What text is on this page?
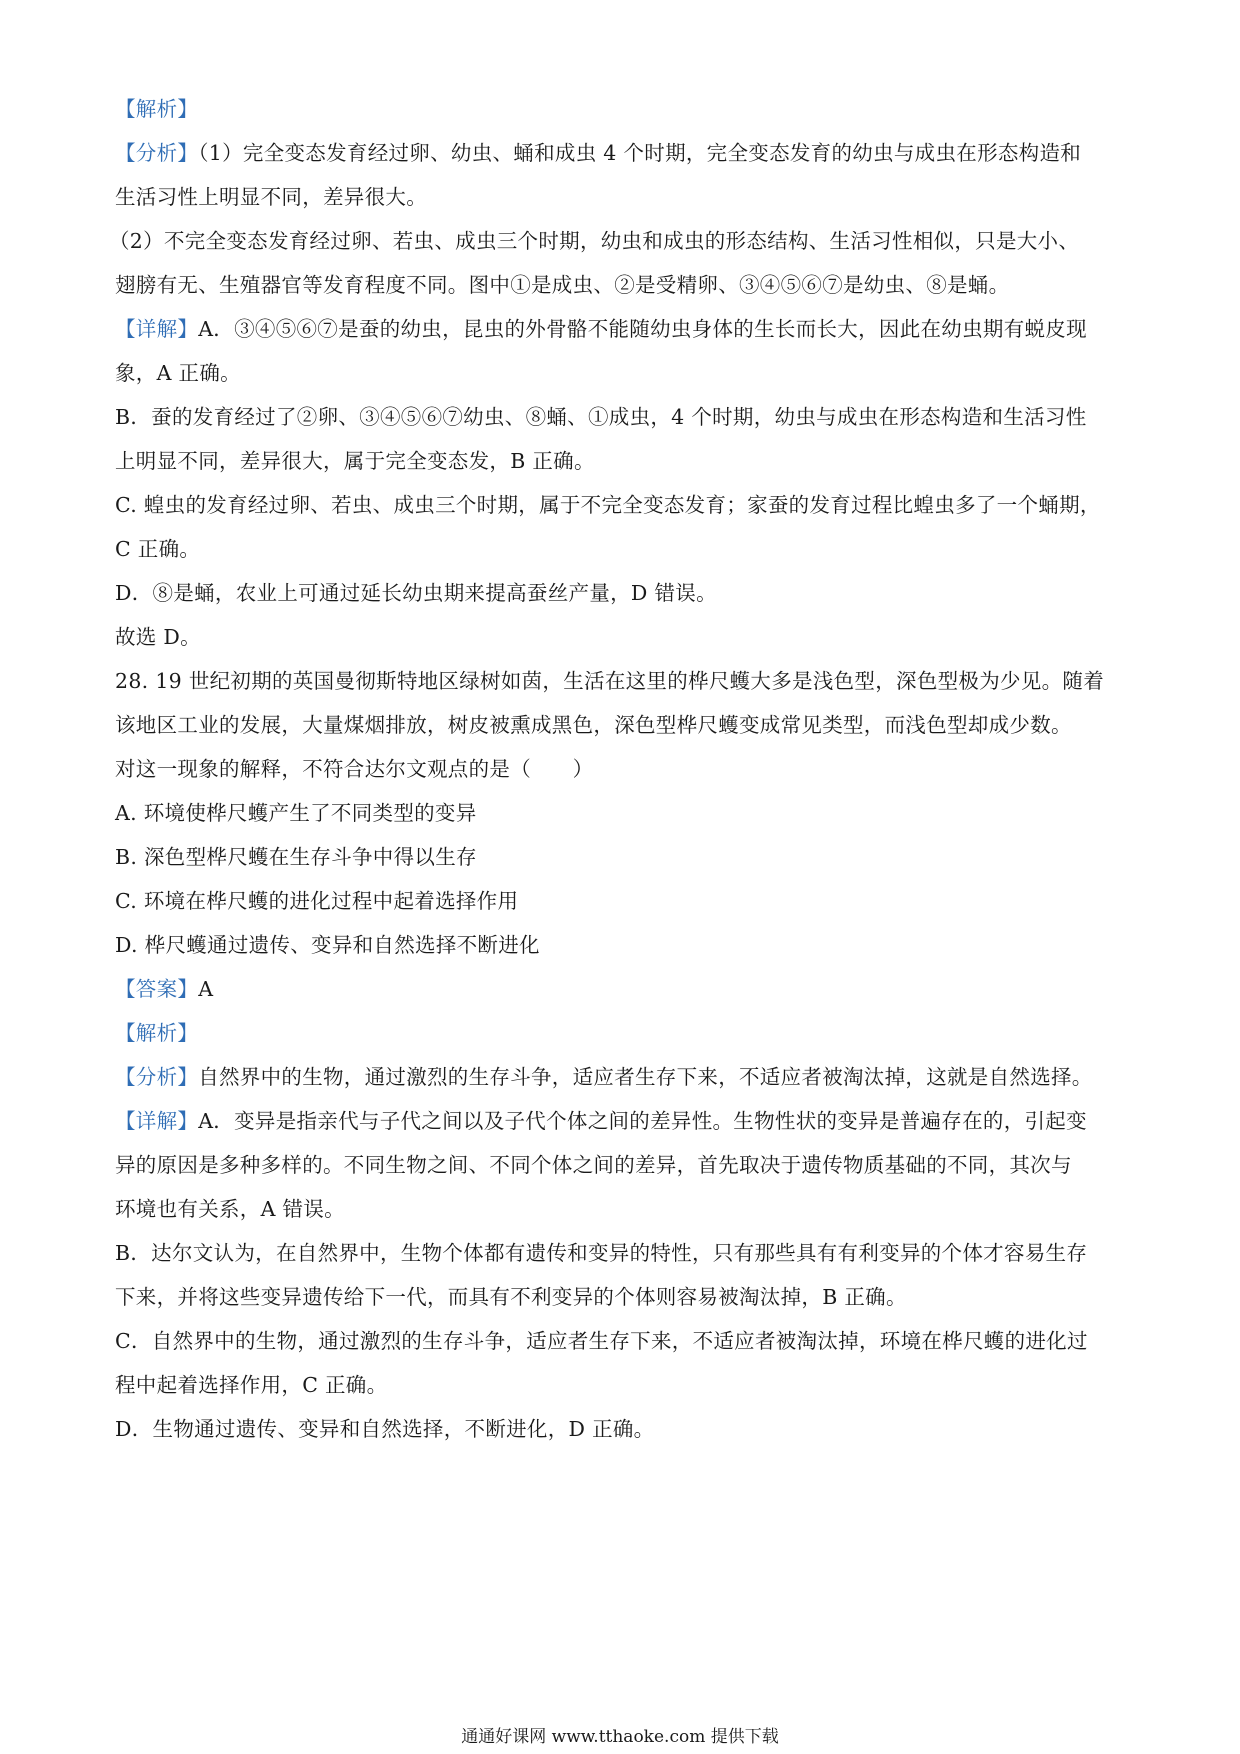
【解析】

【分析】（1）完全变态发育经过卵、幼虫、蛹和成虫 4 个时期，完全变态发育的幼虫与成虫在形态构造和

生活习性上明显不同，差异很大。

（2）不完全变态发育经过卵、若虫、成虫三个时期，幼虫和成虫的形态结构、生活习性相似，只是大小、

翅膀有无、生殖器官等发育程度不同。图中①是成虫、②是受精卵、③④⑤⑥⑦是幼虫、⑧是蛹。

【详解】A．③④⑤⑥⑦是蚕的幼虫，昆虫的外骨骼不能随幼虫身体的生长而长大，因此在幼虫期有蜕皮现

象，A 正确。

B．蚕的发育经过了②卵、③④⑤⑥⑦幼虫、⑧蛹、①成虫，4 个时期，幼虫与成虫在形态构造和生活习性

上明显不同，差异很大，属于完全变态发，B 正确。

C. 蝗虫的发育经过卵、若虫、成虫三个时期，属于不完全变态发育；家蚕的发育过程比蝗虫多了一个蛹期，

C 正确。

D．⑧是蛹，农业上可通过延长幼虫期来提高蚕丝产量，D 错误。

故选 D。

28. 19 世纪初期的英国曼彻斯特地区绿树如茵，生活在这里的桦尺蠖大多是浅色型，深色型极为少见。随着

该地区工业的发展，大量煤烟排放，树皮被熏成黑色，深色型桦尺蠖变成常见类型，而浅色型却成少数。

对这一现象的解释，不符合达尔文观点的是（　　）

A. 环境使桦尺蠖产生了不同类型的变异

B. 深色型桦尺蠖在生存斗争中得以生存

C. 环境在桦尺蠖的进化过程中起着选择作用

D. 桦尺蠖通过遗传、变异和自然选择不断进化

【答案】A

【解析】

【分析】自然界中的生物，通过激烈的生存斗争，适应者生存下来，不适应者被淘汰掉，这就是自然选择。

【详解】A．变异是指亲代与子代之间以及子代个体之间的差异性。生物性状的变异是普遍存在的，引起变

异的原因是多种多样的。不同生物之间、不同个体之间的差异，首先取决于遗传物质基础的不同，其次与

环境也有关系，A 错误。

B．达尔文认为，在自然界中，生物个体都有遗传和变异的特性，只有那些具有有利变异的个体才容易生存

下来，并将这些变异遗传给下一代，而具有不利变异的个体则容易被淘汰掉，B 正确。

C．自然界中的生物，通过激烈的生存斗争，适应者生存下来，不适应者被淘汰掉，环境在桦尺蠖的进化过

程中起着选择作用，C 正确。

D．生物通过遗传、变异和自然选择，不断进化，D 正确。

通通好课网 www.tthaoke.com 提供下载
